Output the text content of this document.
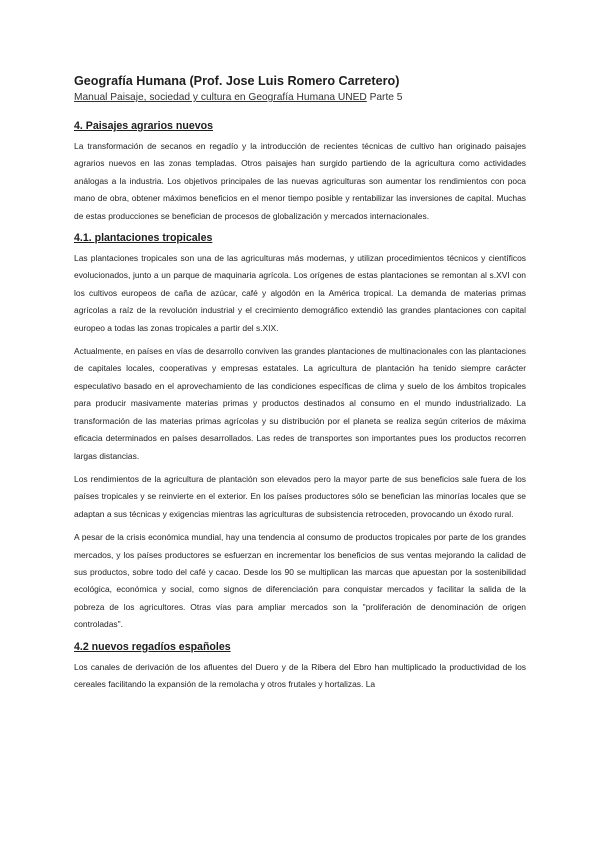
Geografía Humana (Prof. Jose Luis Romero Carretero)
Manual Paisaje, sociedad y cultura en Geografía Humana UNED Parte 5
4. Paisajes agrarios nuevos

La transformación de secanos en regadío y la introducción de recientes técnicas de cultivo han originado paisajes agrarios nuevos en las zonas templadas. Otros paisajes han surgido partiendo de la agricultura como actividades análogas a la industria. Los objetivos principales de las nuevas agriculturas son aumentar los rendimientos con poca mano de obra, obtener máximos beneficios en el menor tiempo posible y rentabilizar las inversiones de capital. Muchas de estas producciones se benefician de procesos de globalización y mercados internacionales.

4.1. plantaciones tropicales

Las plantaciones tropicales son una de las agriculturas más modernas, y utilizan procedimientos técnicos y científicos evolucionados, junto a un parque de maquinaria agrícola. Los orígenes de estas plantaciones se remontan al s.XVI con los cultivos europeos de caña de azúcar, café y algodón en la América tropical. La demanda de materias primas agrícolas a raíz de la revolución industrial y el crecimiento demográfico extendió las grandes plantaciones con capital europeo a todas las zonas tropicales a partir del s.XIX.

Actualmente, en países en vías de desarrollo conviven las grandes plantaciones de multinacionales con las plantaciones de capitales locales, cooperativas y empresas estatales. La agricultura de plantación ha tenido siempre carácter especulativo basado en el aprovechamiento de las condiciones específicas de clima y suelo de los ámbitos tropicales para producir masivamente materias primas y productos destinados al consumo en el mundo industrializado. La transformación de las materias primas agrícolas y su distribución por el planeta se realiza según criterios de máxima eficacia determinados en países desarrollados. Las redes de transportes son importantes pues los productos recorren largas distancias.

Los rendimientos de la agricultura de plantación son elevados pero la mayor parte de sus beneficios sale fuera de los países tropicales y se reinvierte en el exterior. En los países productores sólo se benefician las minorías locales que se adaptan a sus técnicas y exigencias mientras las agriculturas de subsistencia retroceden, provocando un éxodo rural.

A pesar de la crisis económica mundial, hay una tendencia al consumo de productos tropicales por parte de los grandes mercados, y los países productores se esfuerzan en incrementar los beneficios de sus ventas mejorando la calidad de sus productos, sobre todo del café y cacao. Desde los 90 se multiplican las marcas que apuestan por la sostenibilidad ecológica, económica y social, como signos de diferenciación para conquistar mercados y facilitar la salida de la pobreza de los agricultores. Otras vías para ampliar mercados son la "proliferación de denominación de origen controladas".

4.2 nuevos regadíos españoles

Los canales de derivación de los afluentes del Duero y de la Ribera del Ebro han multiplicado la productividad de los cereales facilitando la expansión de la remolacha y otros frutales y hortalizas. La
